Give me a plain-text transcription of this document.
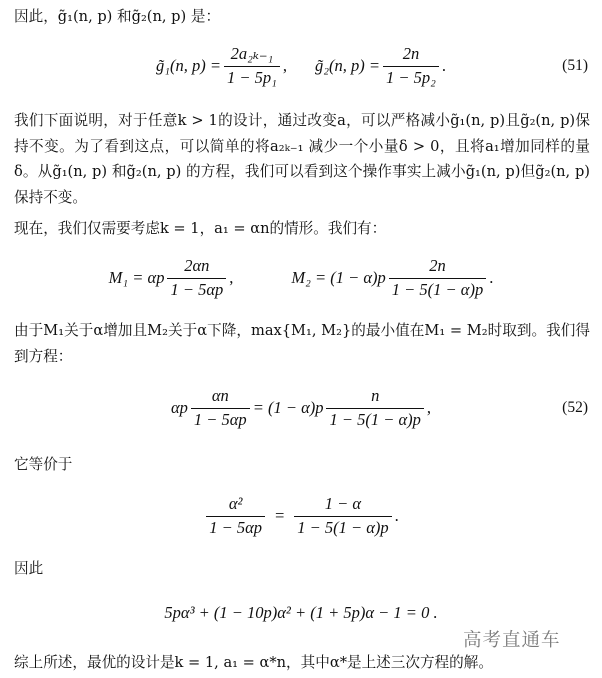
因此，g̃₁(n, p) 和g̃₂(n, p) 是：

g̃₁(n, $p) = \frac{\text{2a₂ₖ₋₁}}{\text{1 − 5p₁}}$ , g̃₂(n, $p) = \frac{2n}{\text{1 − 5p₂}}$ .	(51)

我们下面说明，对于任意k > 1的设计，通过改变a，可以严格减小g̃₁(n, p)且g̃₂(n, p)保持不变。为了看到这点，可以简单的将a₂ₖ₋₁ 减少一个小量δ > 0，且将a₁增加同样的量δ。从g̃₁(n, p) 和g̃₂(n, p) 的方程，我们可以看到这个操作事实上减小g̃₁(n, p)但g̃₂(n, p)保持不变。

现在，我们仅需要考虑k = 1，a₁ = αn的情形。我们有：

M₁ = αp $\frac{2\alpha n}{1 - 5\alpha p}$ ,	$M_2 = (1 - \alpha)p \frac{2n}{1 - 5(1 - \alpha)p}$ .

由于M₁关于α增加且M₂关于α下降，max{M₁, M₂}的最小值在M₁ = M₂时取到。我们得到方程：

αp $\frac{\alpha n}{1 - 5\alpha p} = (1 - \alpha)p \frac{n}{1 - 5(1 - \alpha)p}$ ,	(52)

它等价于

$\frac{\text{α²}}{1 - 5\alpha p} = \frac{1 - \alpha}{1 - 5(1 - \alpha)p}$ .

因此

5pα³ + (1 − 10p)α² + (1 + 5p)α − 1 = 0 .
高考直通车

综上所述，最优的设计是k = 1, a₁ = α*n，其中α*是上述三次方程的解。
